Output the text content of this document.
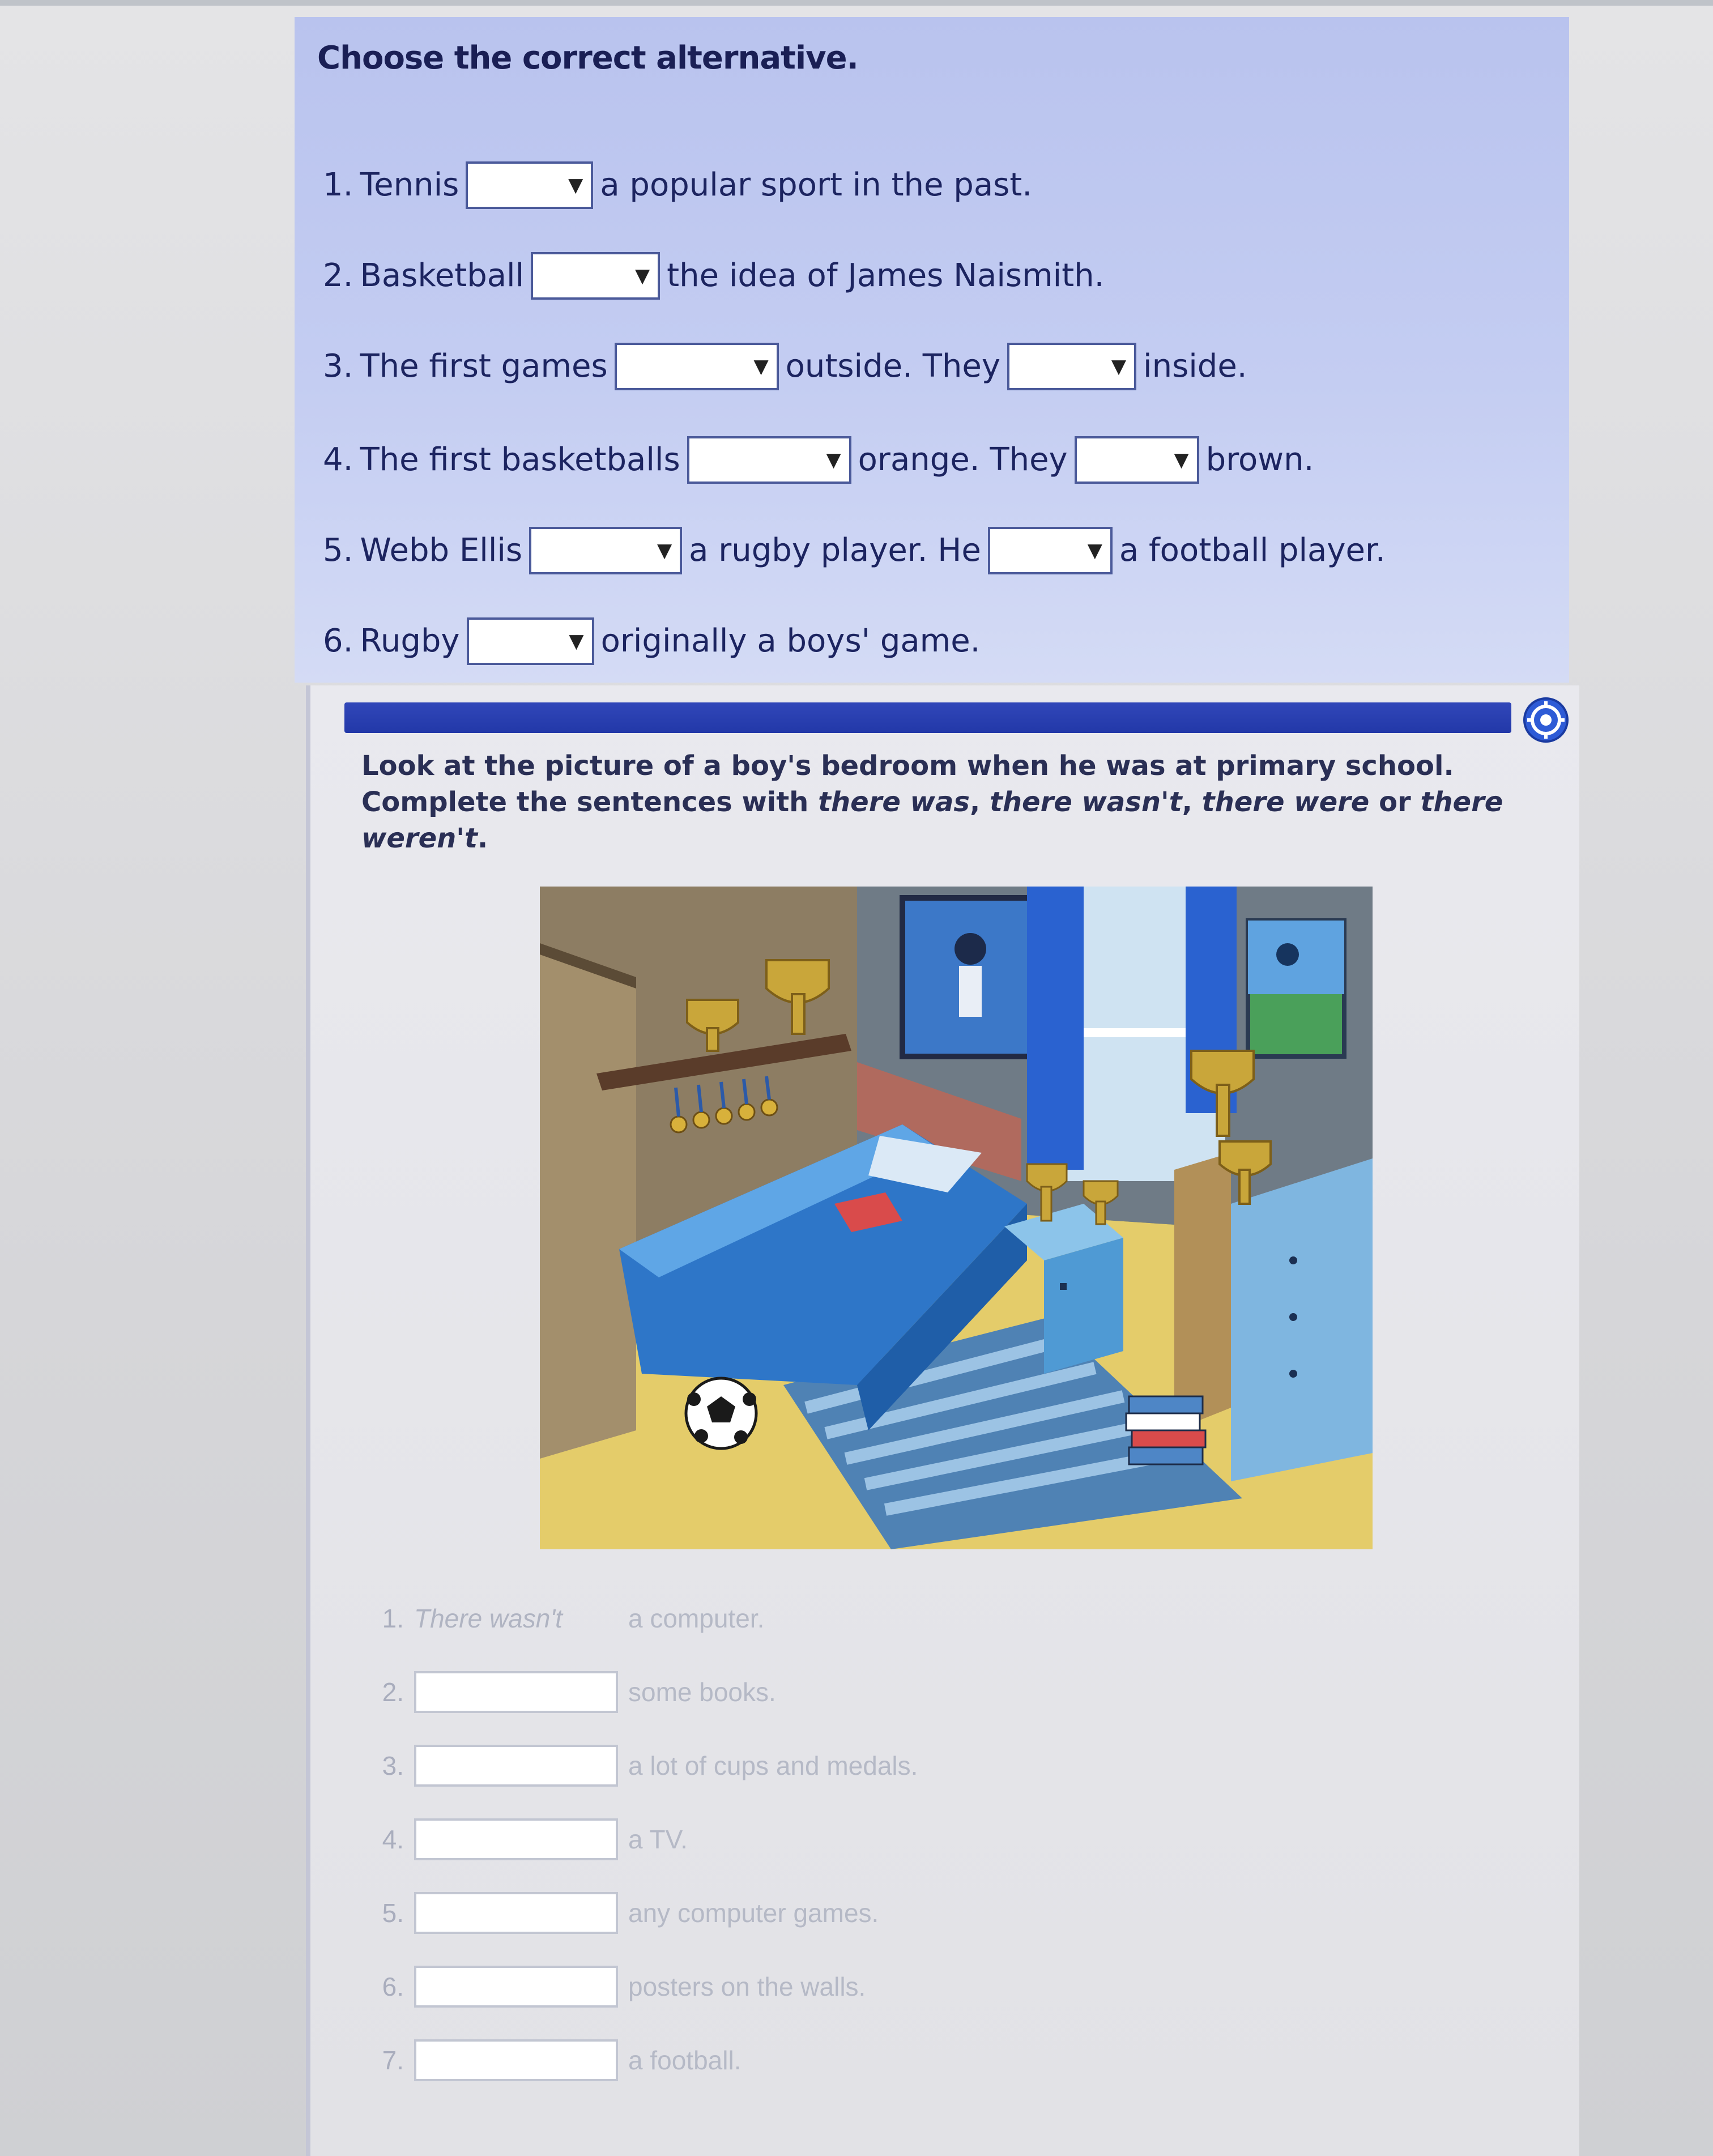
Choose the correct alternative.
1. Tennis	▼ a popular sport in the past.
2. Basketball	▼ the idea of James Naismith.
3. The first games	▼ outside. They	▼ inside.
4. The first basketballs	▼ orange. They	▼ brown.
5. Webb Ellis	▼ a rugby player. He	▼ a football player.
6. Rugby	▼ originally a boys' game.

Look at the picture of a boy's bedroom when he was at primary school. Complete the sentences with there was, there wasn't, there were or there weren't.

1. There wasn't	a computer.
2.	some books.
3.	a lot of cups and medals.
4.	a TV.
5.	any computer games.
6.	posters on the walls.
7.	a football.
